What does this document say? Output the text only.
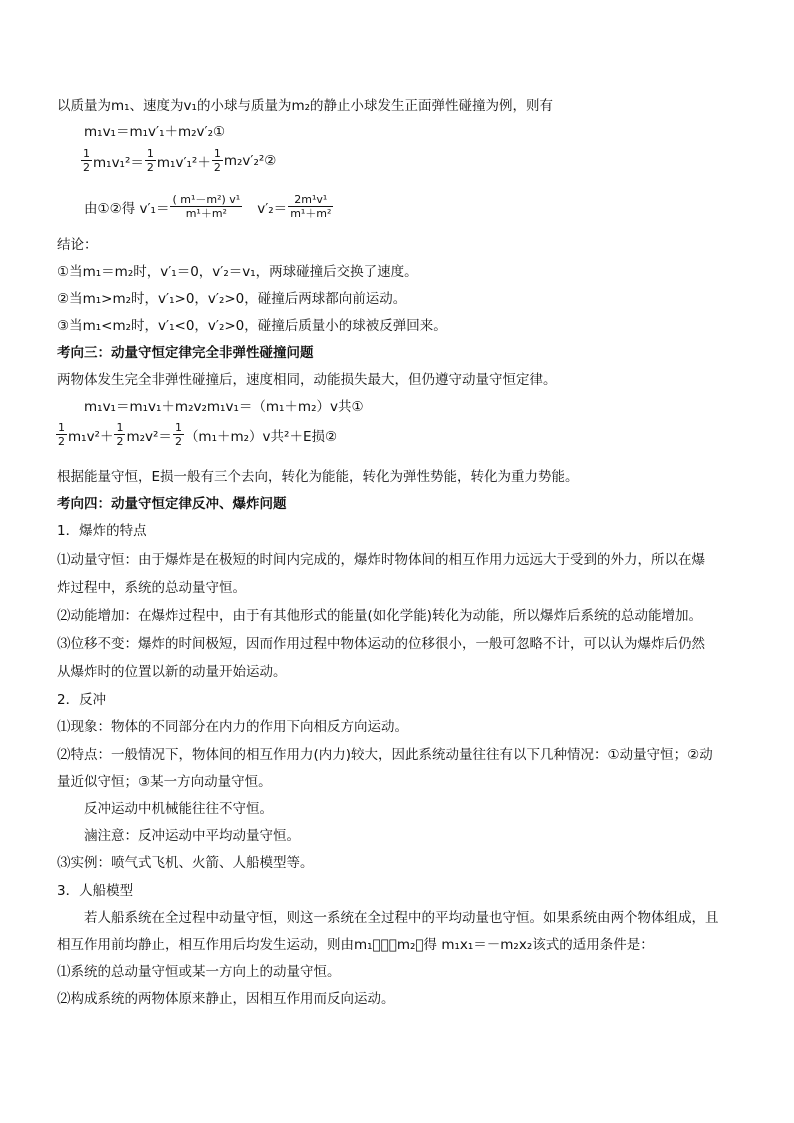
以质量为m₁、速度为v₁的小球与质量为m₂的静止小球发生正面弹性碰撞为例，则有
m₁v₁＝m₁v′₁＋m₂v′₂①
$\frac{1}{2} m_1v_1^2= \frac{1}{2} m_1v'_1^2+ \frac{1}{2}$ m₂v′₂²②
由①②得 $v'_1= \frac{\text{( m¹－m²) v¹}}{\text{m¹＋m²}} v'_2= \frac{\text{2m¹v¹}}{\text{m¹＋m²}}$
结论：
①当m₁＝m₂时，v′₁＝0，v′₂＝v₁，两球碰撞后交换了速度。
②当m₁>m₂时，v′₁>0，v′₂>0，碰撞后两球都向前运动。
③当m₁<m₂时，v′₁<0，v′₂>0，碰撞后质量小的球被反弹回来。
考向三：动量守恒定律完全非弹性碰撞问题
两物体发生完全非弹性碰撞后，速度相同，动能损失最大，但仍遵守动量守恒定律。
m₁v₁＝m₁v₁＋m₂v₂m₁v₁＝（m₁＋m₂）v共①
$\frac{1}{2} m_1v^2+ \frac{1}{2} m_2v^2= \frac{1}{2} (m_1+m_2)v$共²＋E损②
根据能量守恒，E损一般有三个去向，转化为能能，转化为弹性势能，转化为重力势能。
考向四：动量守恒定律反冲、爆炸问题
1．爆炸的特点
⑴动量守恒：由于爆炸是在极短的时间内完成的，爆炸时物体间的相互作用力远远大于受到的外力，所以在爆
炸过程中，系统的总动量守恒。
⑵动能增加：在爆炸过程中，由于有其他形式的能量(如化学能)转化为动能，所以爆炸后系统的总动能增加。
⑶位移不变：爆炸的时间极短，因而作用过程中物体运动的位移很小，一般可忽略不计，可以认为爆炸后仍然
从爆炸时的位置以新的动量开始运动。
2．反冲
⑴现象：物体的不同部分在内力的作用下向相反方向运动。
⑵特点：一般情况下，物体间的相互作用力(内力)较大，因此系统动量往往有以下几种情况：①动量守恒；②动
量近似守恒；③某一方向动量守恒。
反冲运动中机械能往往不守恒。
滷注意：反冲运动中平均动量守恒。
⑶实例：喷气式飞机、火箭、人船模型等。
3．人船模型
若人船系统在全过程中动量守恒，则这一系统在全过程中的平均动量也守恒。如果系统由两个物体组成，且
相互作用前均静止，相互作用后均发生运动，则由m₁􏰀＝－m₂􏰀得 m₁x₁＝－m₂x₂该式的适用条件是：
⑴系统的总动量守恒或某一方向上的动量守恒。
⑵构成系统的两物体原来静止，因相互作用而反向运动。
